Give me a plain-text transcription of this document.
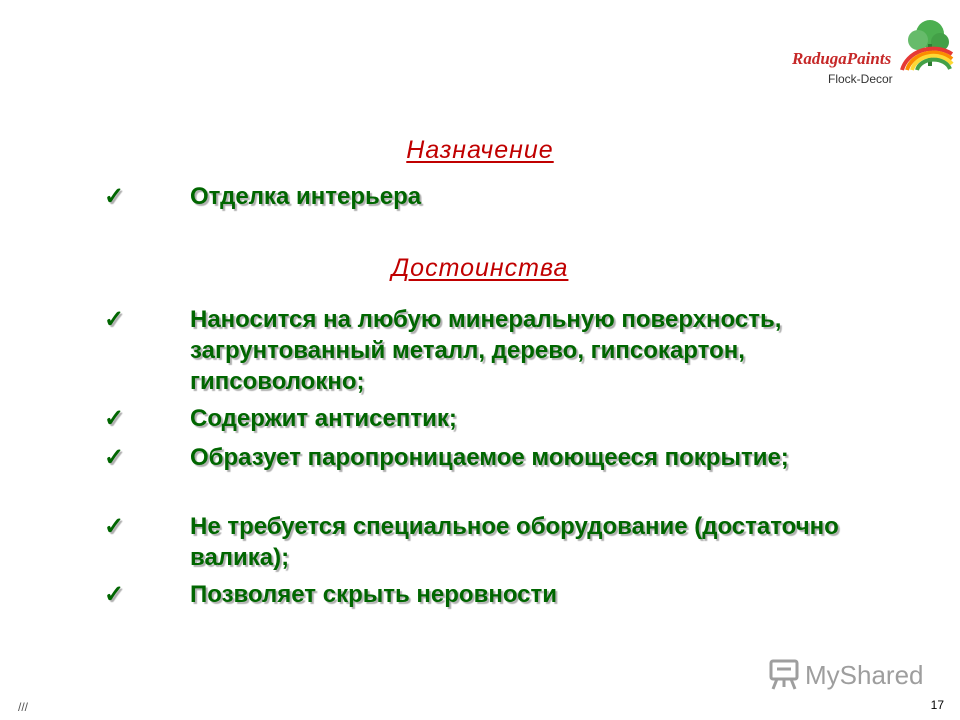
RadugaPaints
Flock-Decor
Назначение
✓	Отделка интерьера
Достоинства
✓	Наносится на любую минеральную поверхность, загрунтованный металл, дерево, гипсокартон, гипсоволокно;
✓	Содержит антисептик;
✓	Образует паропроницаемое моющееся покрытие;
✓	Не требуется специальное оборудование (достаточно валика);
✓	Позволяет скрыть неровности
MyShared
///	17
